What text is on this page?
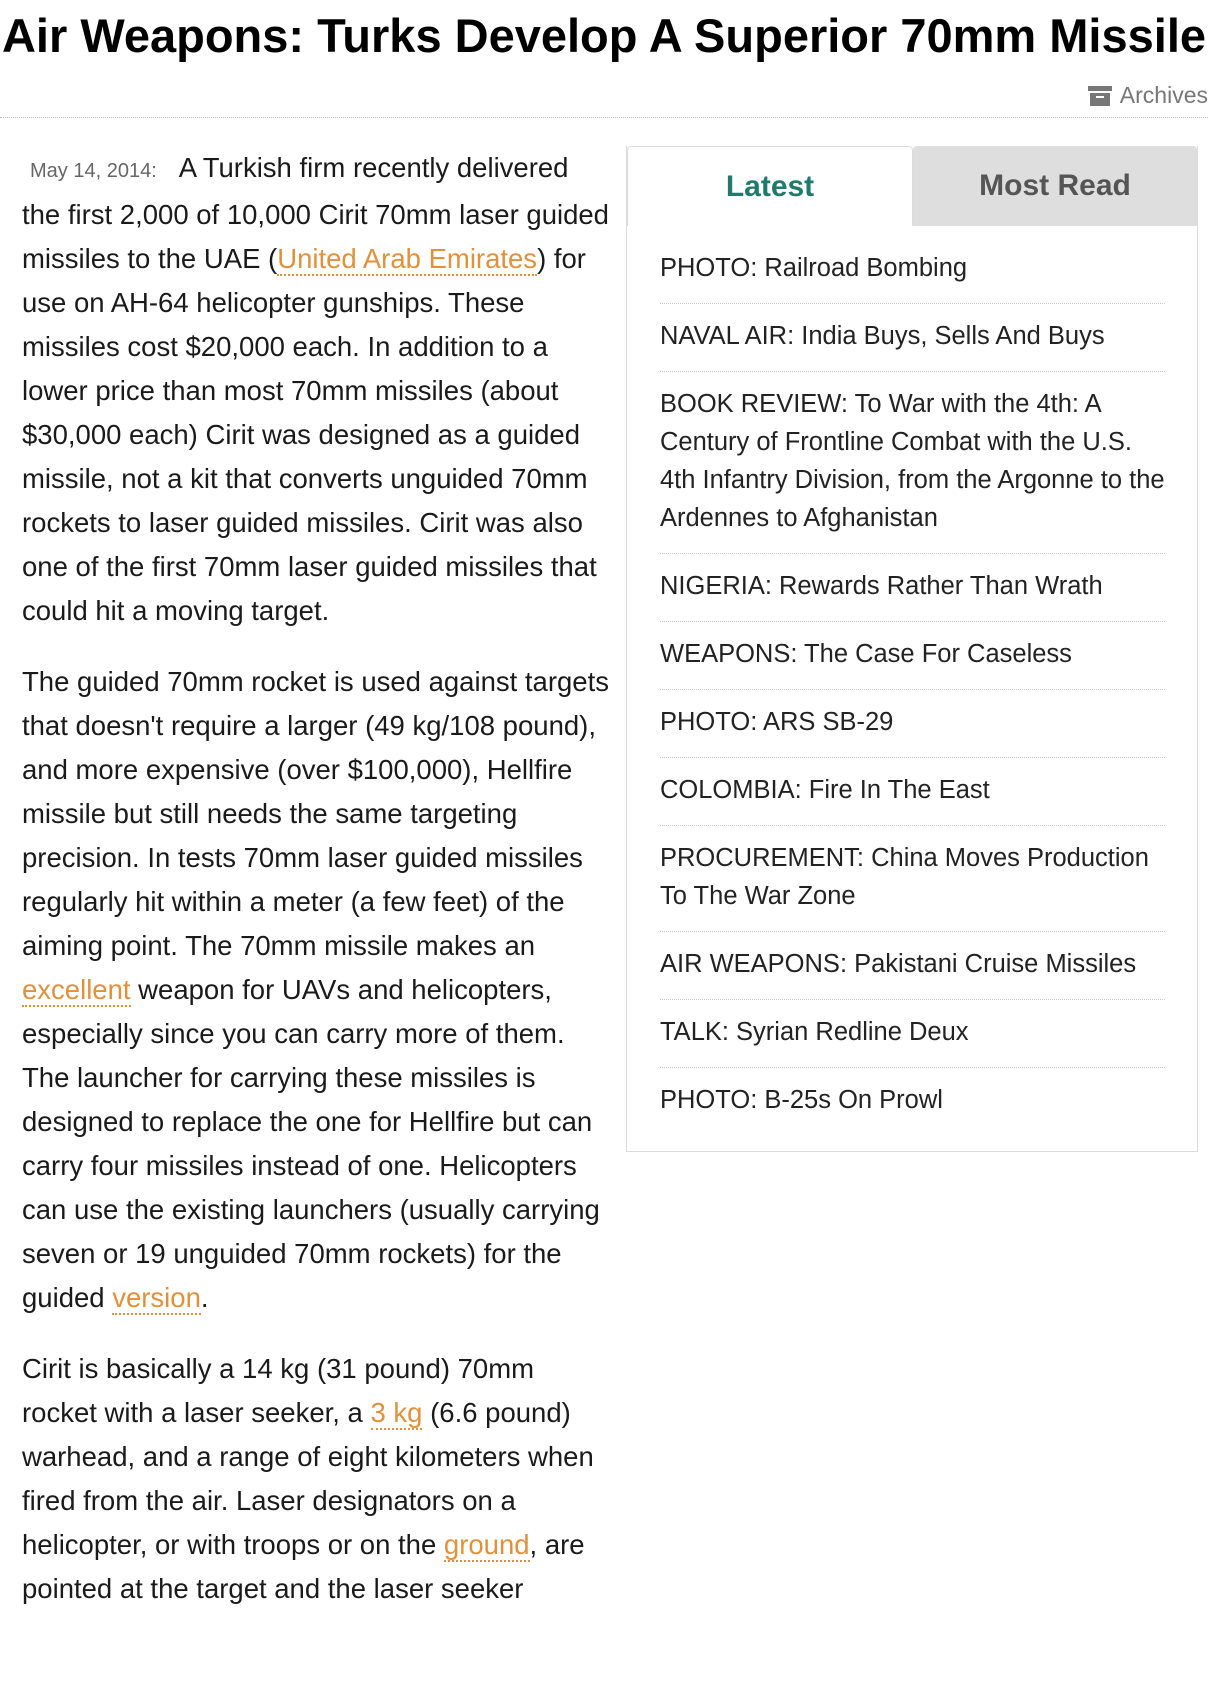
Air Weapons: Turks Develop A Superior 70mm Missile
Archives

May 14, 2014: A Turkish firm recently delivered the first 2,000 of 10,000 Cirit 70mm laser guided missiles to the UAE (United Arab Emirates) for use on AH-64 helicopter gunships. These missiles cost $20,000 each. In addition to a lower price than most 70mm missiles (about $30,000 each) Cirit was designed as a guided missile, not a kit that converts unguided 70mm rockets to laser guided missiles. Cirit was also one of the first 70mm laser guided missiles that could hit a moving target.

The guided 70mm rocket is used against targets that doesn't require a larger (49 kg/108 pound), and more expensive (over $100,000), Hellfire missile but still needs the same targeting precision. In tests 70mm laser guided missiles regularly hit within a meter (a few feet) of the aiming point. The 70mm missile makes an excellent weapon for UAVs and helicopters, especially since you can carry more of them. The launcher for carrying these missiles is designed to replace the one for Hellfire but can carry four missiles instead of one. Helicopters can use the existing launchers (usually carrying seven or 19 unguided 70mm rockets) for the guided version.

Cirit is basically a 14 kg (31 pound) 70mm rocket with a laser seeker, a 3 kg (6.6 pound) warhead, and a range of eight kilometers when fired from the air. Laser designators on a helicopter, or with troops or on the ground, are pointed at the target and the laser seeker

Latest	Most Read
PHOTO: Railroad Bombing
NAVAL AIR: India Buys, Sells And Buys
BOOK REVIEW: To War with the 4th: A Century of Frontline Combat with the U.S. 4th Infantry Division, from the Argonne to the Ardennes to Afghanistan
NIGERIA: Rewards Rather Than Wrath
WEAPONS: The Case For Caseless
PHOTO: ARS SB-29
COLOMBIA: Fire In The East
PROCUREMENT: China Moves Production To The War Zone
AIR WEAPONS: Pakistani Cruise Missiles
TALK: Syrian Redline Deux
PHOTO: B-25s On Prowl
